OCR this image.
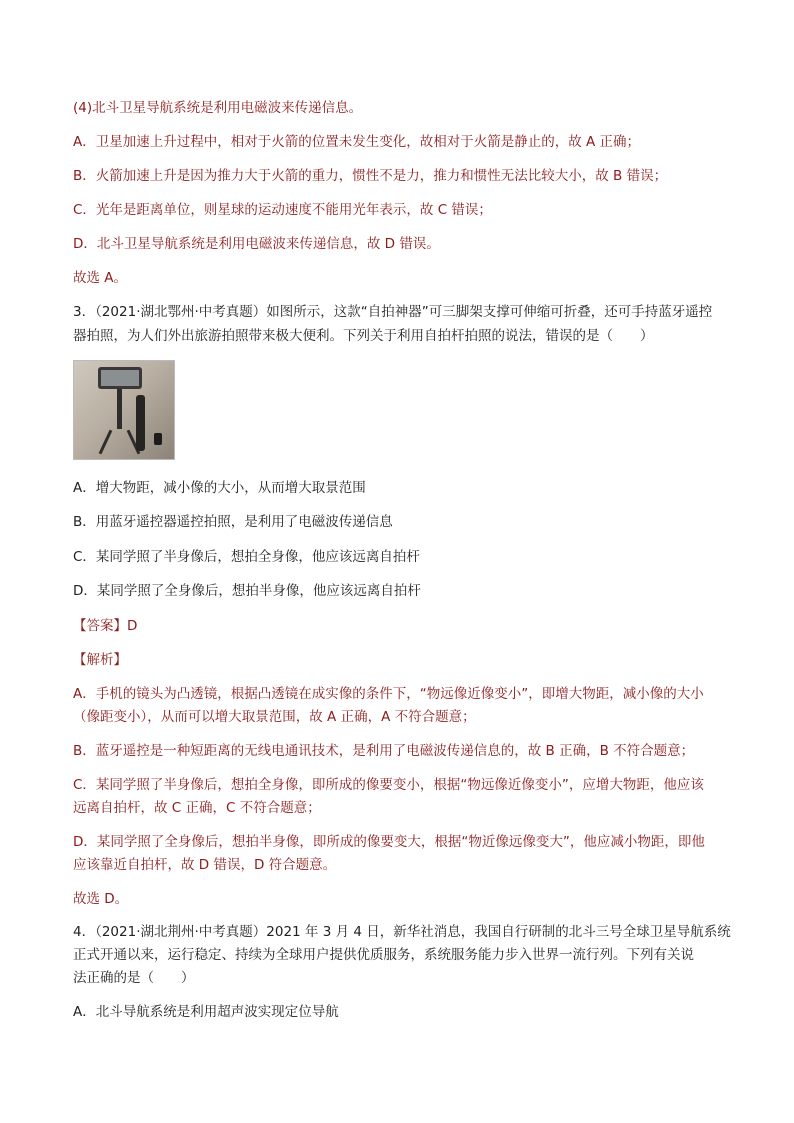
(4)北斗卫星导航系统是利用电磁波来传递信息。
A．卫星加速上升过程中，相对于火箭的位置未发生变化，故相对于火箭是静止的，故 A 正确；
B．火箭加速上升是因为推力大于火箭的重力，惯性不是力，推力和惯性无法比较大小，故 B 错误；
C．光年是距离单位，则星球的运动速度不能用光年表示，故 C 错误；
D．北斗卫星导航系统是利用电磁波来传递信息，故 D 错误。
故选 A。
3．（2021·湖北鄂州·中考真题）如图所示，这款“自拍神器”可三脚架支撑可伸缩可折叠，还可手持蓝牙遥控
器拍照，为人们外出旅游拍照带来极大便利。下列关于利用自拍杆拍照的说法，错误的是（　　）
A．增大物距，减小像的大小，从而增大取景范围
B．用蓝牙遥控器遥控拍照，是利用了电磁波传递信息
C．某同学照了半身像后，想拍全身像，他应该远离自拍杆
D．某同学照了全身像后，想拍半身像，他应该远离自拍杆
【答案】D
【解析】
A．手机的镜头为凸透镜，根据凸透镜在成实像的条件下，“物远像近像变小”，即增大物距，减小像的大小
（像距变小），从而可以增大取景范围，故 A 正确，A 不符合题意；
B．蓝牙遥控是一种短距离的无线电通讯技术，是利用了电磁波传递信息的，故 B 正确，B 不符合题意；
C．某同学照了半身像后，想拍全身像，即所成的像要变小，根据“物远像近像变小”，应增大物距，他应该
远离自拍杆，故 C 正确，C 不符合题意；
D．某同学照了全身像后，想拍半身像，即所成的像要变大，根据“物近像远像变大”，他应减小物距，即他
应该靠近自拍杆，故 D 错误，D 符合题意。
故选 D。
4．（2021·湖北荆州·中考真题）2021 年 3 月 4 日，新华社消息，我国自行研制的北斗三号全球卫星导航系统
正式开通以来，运行稳定、持续为全球用户提供优质服务，系统服务能力步入世界一流行列。下列有关说
法正确的是（　　）
A．北斗导航系统是利用超声波实现定位导航
